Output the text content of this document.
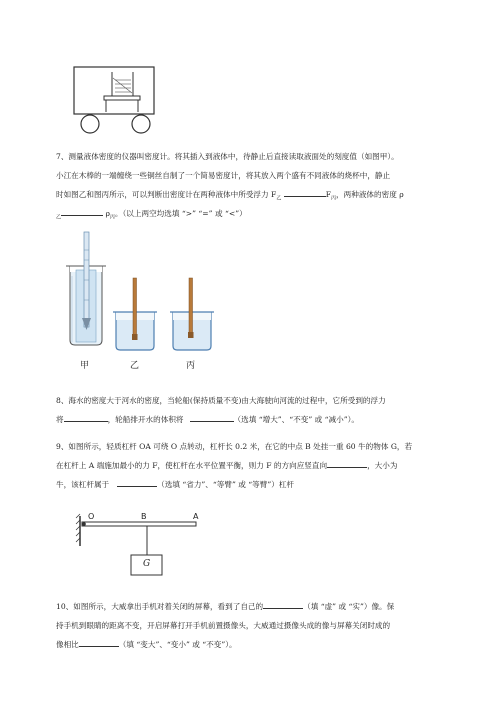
7、测量液体密度的仪器叫密度计。将其插入到液体中，待静止后直接读取液面处的刻度值（如图甲）。
小江在木棒的一端缠绕一些铜丝自制了一个简易密度计，将其放入两个盛有不同液体的烧杯中，静止
时如图乙和图丙所示，可以判断出密度计在两种液体中所受浮力 $F_乙$	$F_丙$，两种液体的密度 ρ
$_乙$	$\rho_丙$。（以上两空均选填 “>” “=” 或 “<”）
甲	乙	丙
8、海水的密度大于河水的密度，当轮船(保持质量不变)由大海驶向河流的过程中，它所受到的浮力
将	，轮船排开水的体积将	（选填 “增大”、“不变” 或 “减小”）。
9、如图所示，轻质杠杆 OA 可绕 O 点转动，杠杆长 0.2 米，在它的中点 B 处挂一重 60 牛的物体 G，若
在杠杆上 A 端施加最小的力 F，使杠杆在水平位置平衡，则力 F 的方向应竖直向	，大小为
牛，该杠杆属于	（选填 “省力”、“等臂” 或 “等臂”）杠杆
O	B	A
G
10、如图所示，大威拿出手机对着关闭的屏幕，看到了自己的	（填 “虚” 或 “实”）像。保
持手机到眼睛的距离不变，开启屏幕打开手机前置摄像头，大威通过摄像头成的像与屏幕关闭时成的
像相比	（填 “变大”、“变小” 或 “不变”）。
